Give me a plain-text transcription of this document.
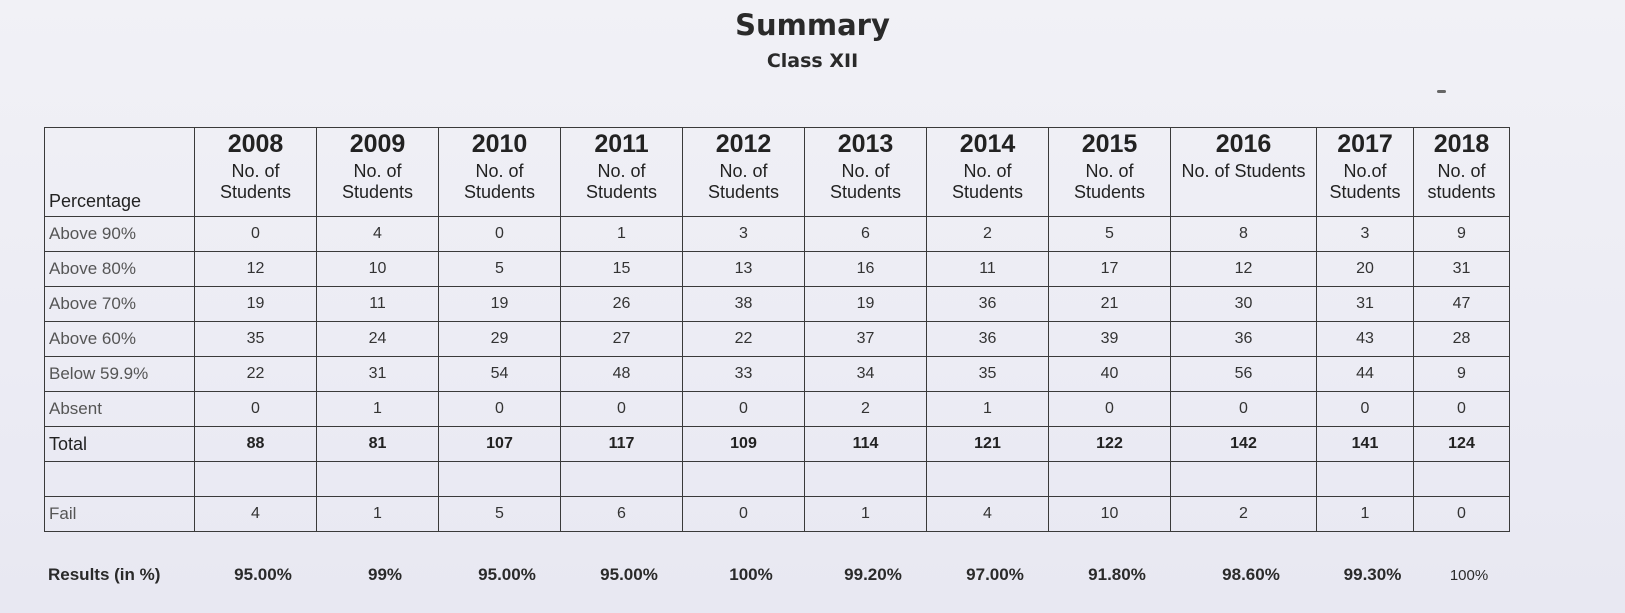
Summary
Class XII
	2008	2009	2010	2011	2012	2013	2014	2015	2016	2017	2018
Percentage	No. of Students	No. of Students	No. of Students	No. of Students	No. of Students	No. of Students	No. of Students	No. of Students	No. of Students	No.of Students	No. of students
Above 90%	0	4	0	1	3	6	2	5	8	3	9
Above 80%	12	10	5	15	13	16	11	17	12	20	31
Above 70%	19	11	19	26	38	19	36	21	30	31	47
Above 60%	35	24	29	27	22	37	36	39	36	43	28
Below 59.9%	22	31	54	48	33	34	35	40	56	44	9
Absent	0	1	0	0	0	2	1	0	0	0	0
Total	88	81	107	117	109	114	121	122	142	141	124

Fail	4	1	5	6	0	1	4	10	2	1	0
Results (in %)	95.00%	99%	95.00%	95.00%	100%	99.20%	97.00%	91.80%	98.60%	99.30%	100%
